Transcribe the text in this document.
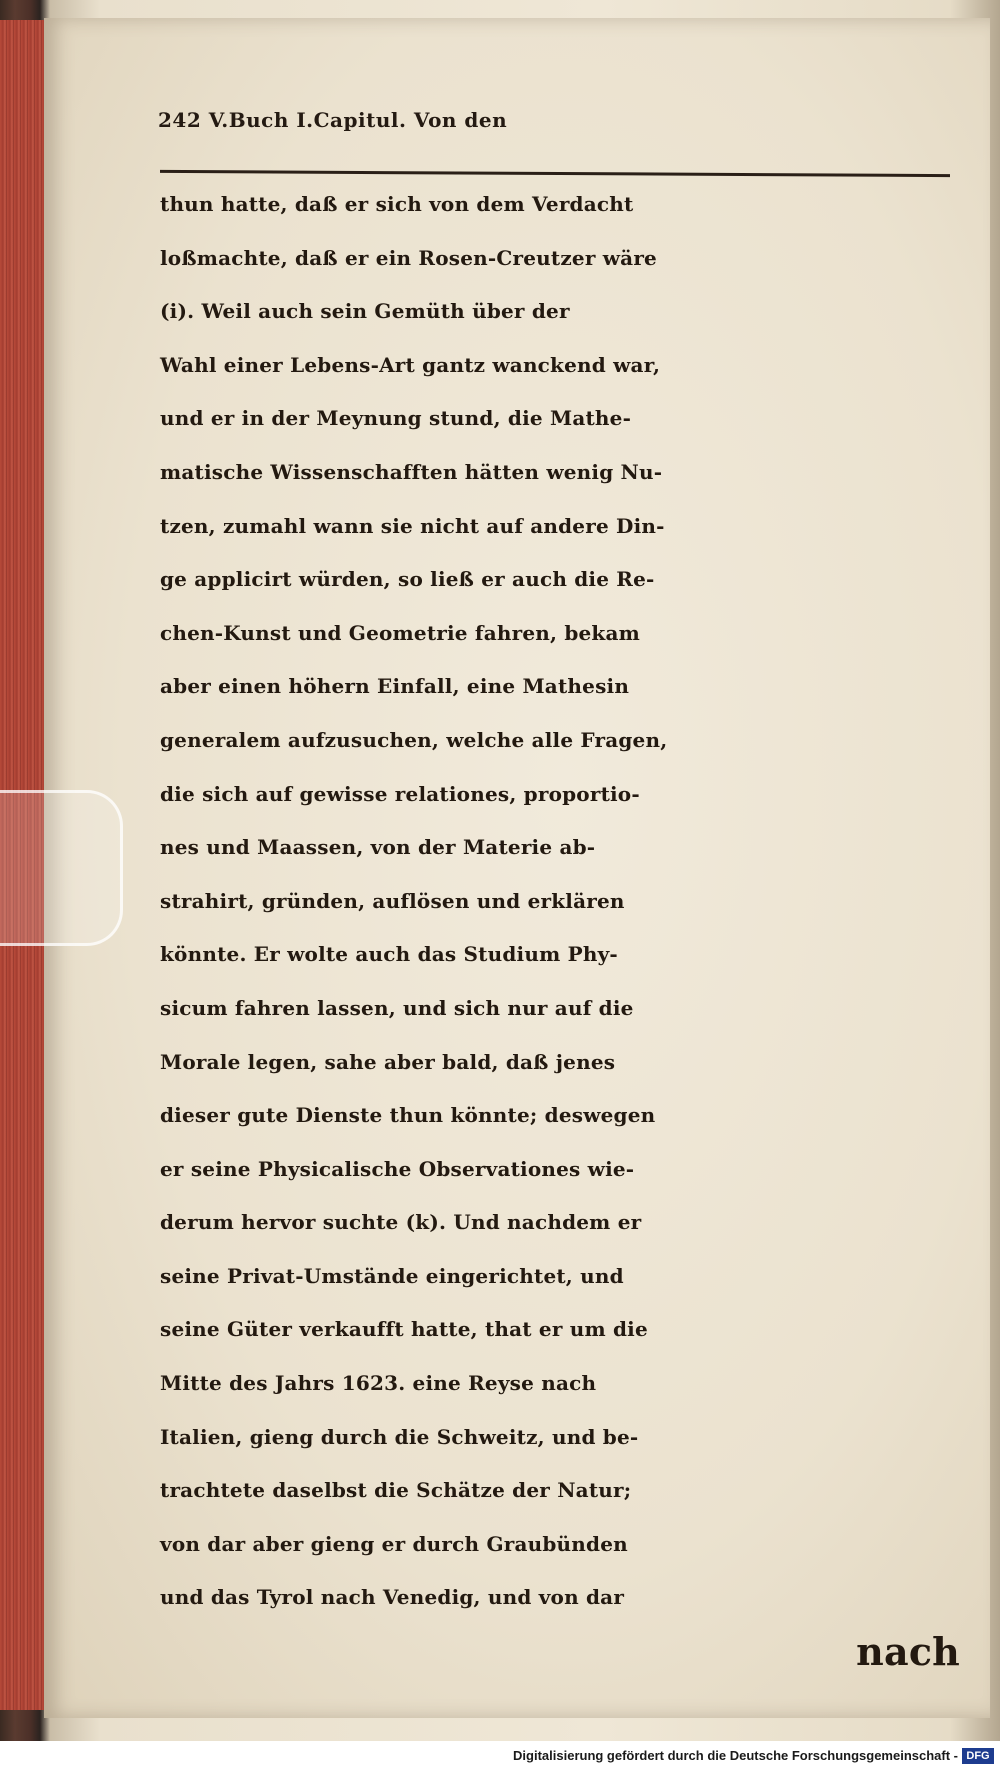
242 V.Buch I.Capitul. Von den
thun hatte, daß er sich von dem Verdacht
loßmachte, daß er ein Rosen-Creutzer wäre
(i). Weil auch sein Gemüth über der
Wahl einer Lebens-Art gantz wanckend war,
und er in der Meynung stund, die Mathe-
matische Wissenschafften hätten wenig Nu-
tzen, zumahl wann sie nicht auf andere Din-
ge applicirt würden, so ließ er auch die Re-
chen-Kunst und Geometrie fahren, bekam
aber einen höhern Einfall, eine Mathesin
generalem aufzusuchen, welche alle Fragen,
die sich auf gewisse relationes, proportio-
nes und Maassen, von der Materie ab-
strahirt, gründen, auflösen und erklären
könnte. Er wolte auch das Studium Phy-
sicum fahren lassen, und sich nur auf die
Morale legen, sahe aber bald, daß jenes
dieser gute Dienste thun könnte; deswegen
er seine Physicalische Observationes wie-
derum hervor suchte (k). Und nachdem er
seine Privat-Umstände eingerichtet, und
seine Güter verkaufft hatte, that er um die
Mitte des Jahrs 1623. eine Reyse nach
Italien, gieng durch die Schweitz, und be-
trachtete daselbst die Schätze der Natur;
von dar aber gieng er durch Graubünden
und das Tyrol nach Venedig, und von dar
nach
Digitalisierung gefördert durch die Deutsche Forschungsgemeinschaft - DFG
